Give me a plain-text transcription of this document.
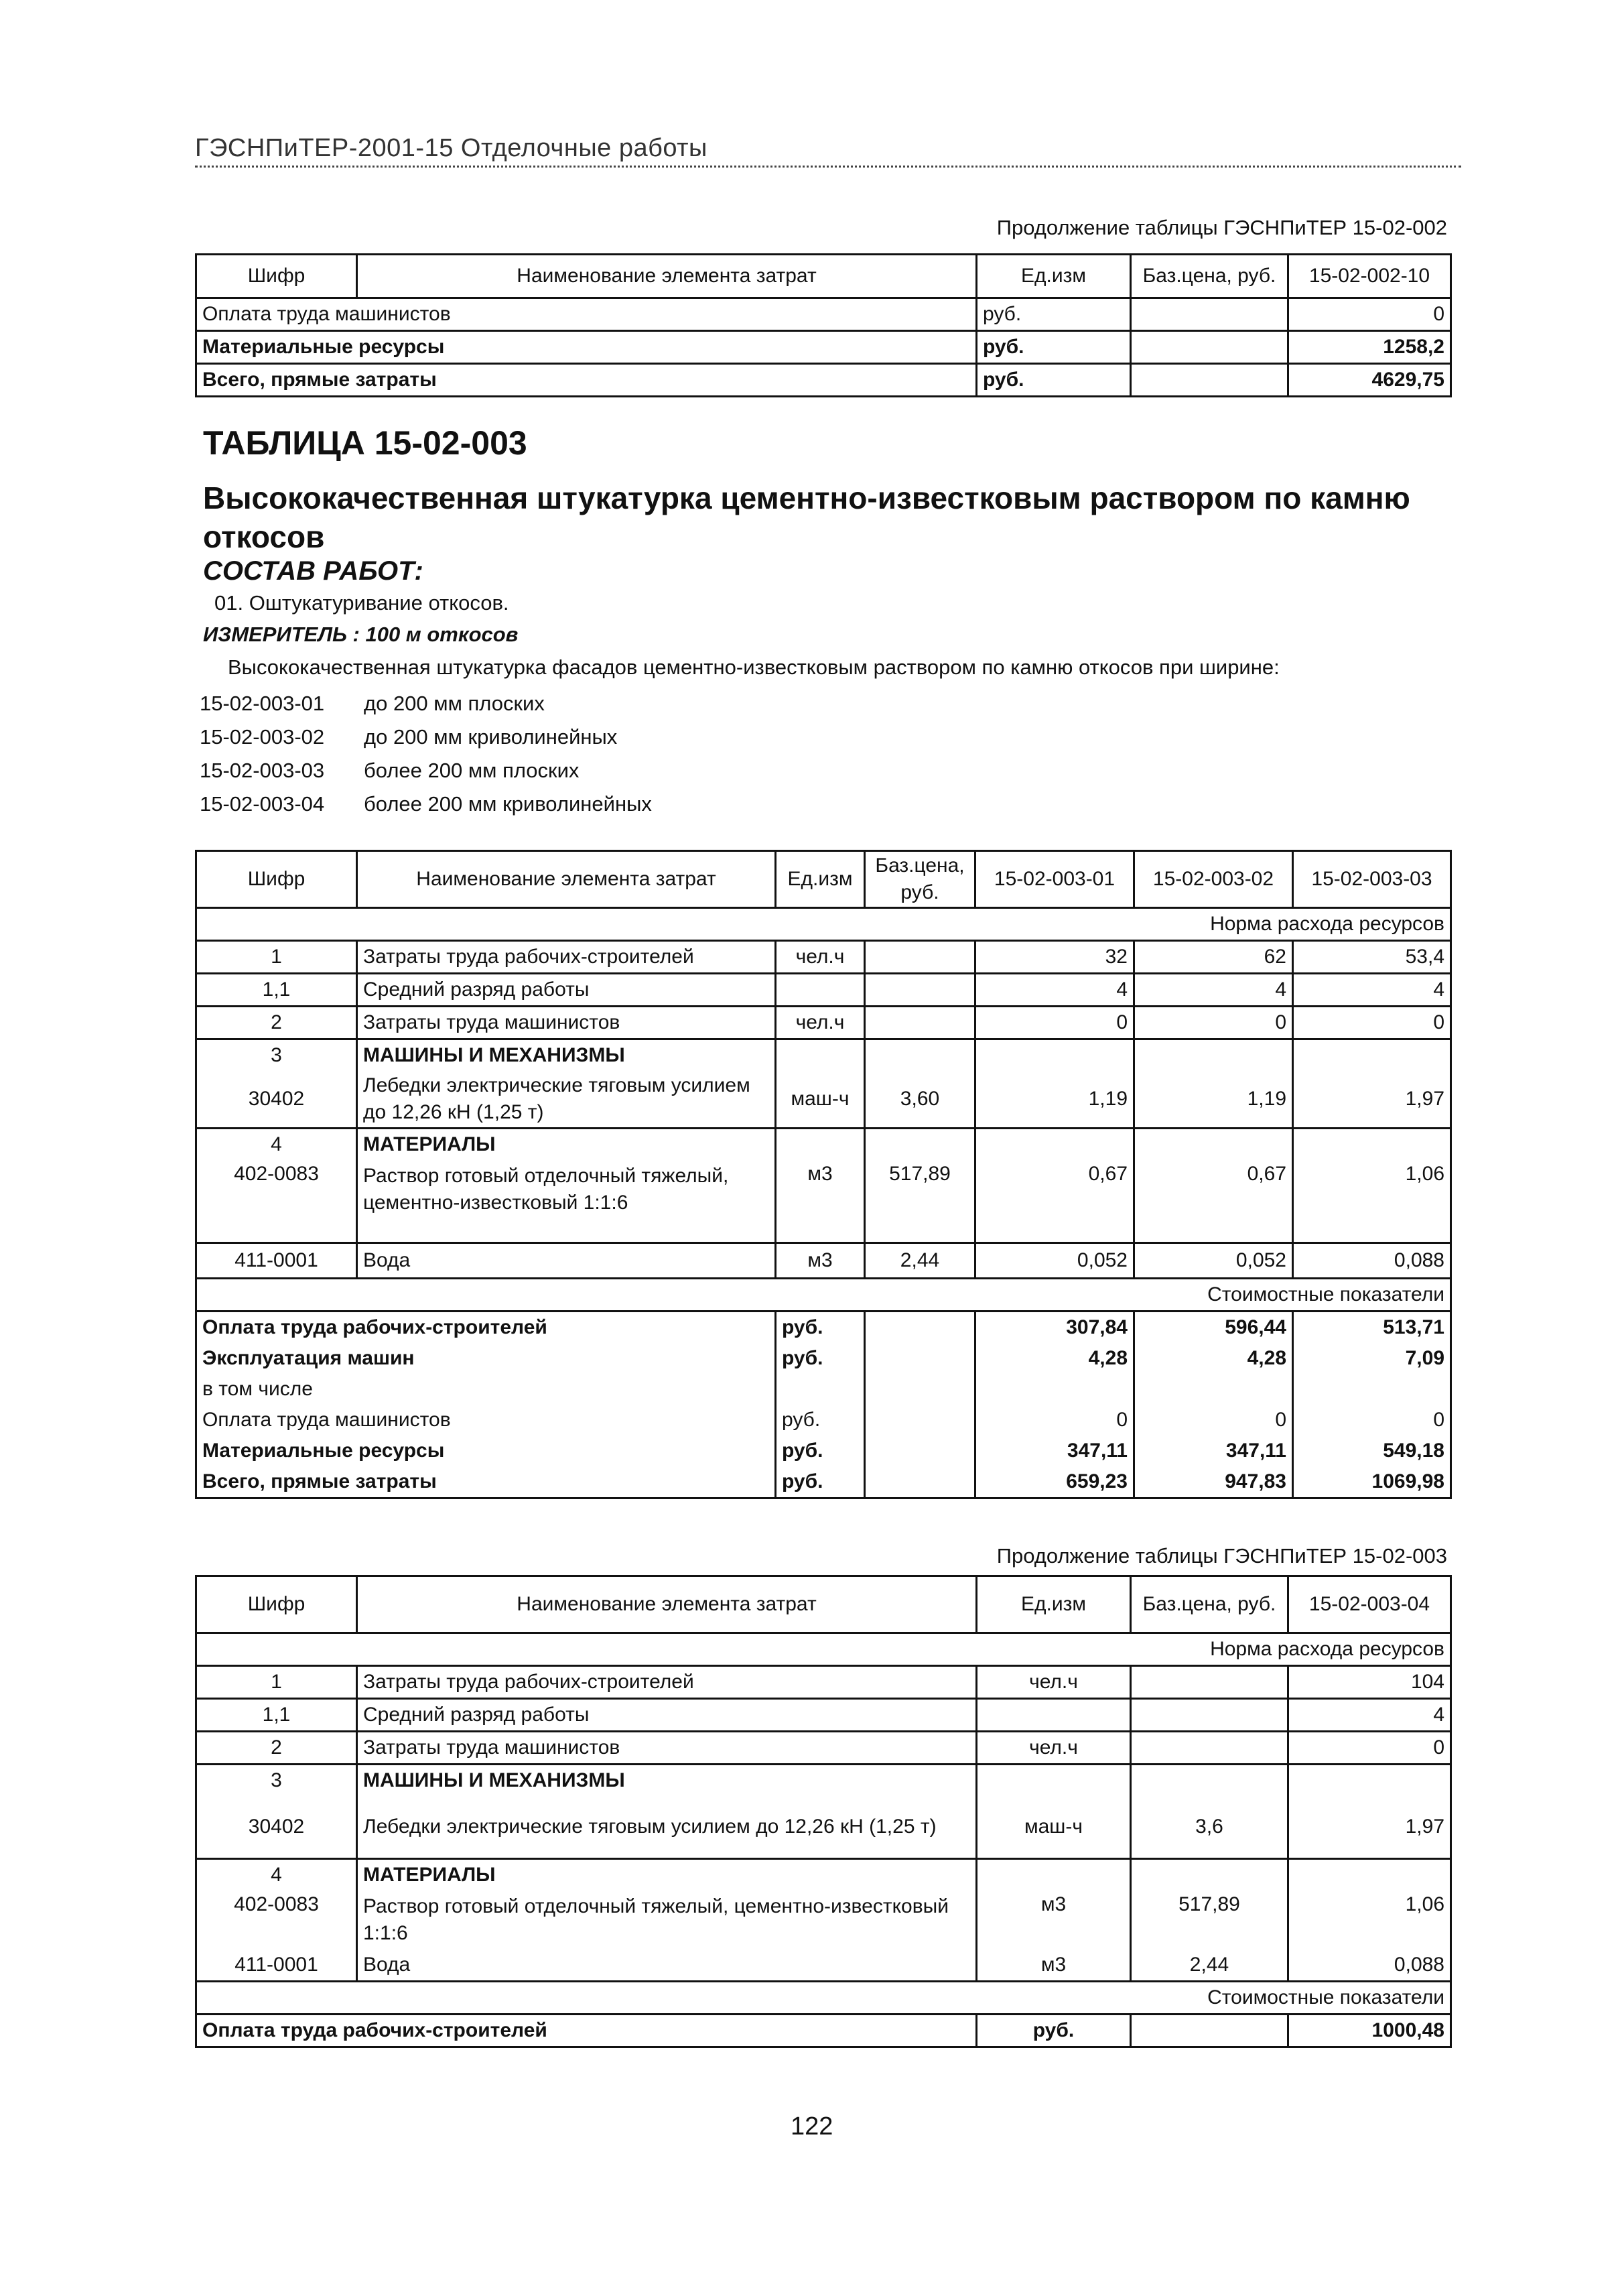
ГЭСНПиТЕР-2001-15 Отделочные работы
Продолжение таблицы ГЭСНПиТЕР 15-02-002
Шифр	Наименование элемента затрат	Ед.изм	Баз.цена, руб.	15-02-002-10
Оплата труда машинистов		руб.		0
Материальные ресурсы		руб.		1258,2
Всего, прямые затраты		руб.		4629,75
ТАБЛИЦА 15-02-003
Высококачественная штукатурка цементно-известковым раствором по камню откосов
СОСТАВ РАБОТ:
01. Оштукатуривание откосов.
ИЗМЕРИТЕЛЬ : 100 м откосов
Высококачественная штукатурка фасадов цементно-известковым раствором по камню откосов при ширине:
15-02-003-01 до 200 мм плоских
15-02-003-02 до 200 мм криволинейных
15-02-003-03 более 200 мм плоских
15-02-003-04 более 200 мм криволинейных
Шифр	Наименование элемента затрат	Ед.изм	Баз.цена, руб.	15-02-003-01	15-02-003-02	15-02-003-03
Норма расхода ресурсов						
1	Затраты труда рабочих-строителей	чел.ч		32	62	53,4
1,1	Средний разряд работы			4	4	4
2	Затраты труда машинистов	чел.ч		0	0	0
3	МАШИНЫ И МЕХАНИЗМЫ					
30402	Лебедки электрические тяговым усилием до 12,26 кН (1,25 т)	маш-ч	3,60	1,19	1,19	1,97
4	МАТЕРИАЛЫ					
402-0083	Раствор готовый отделочный тяжелый, цементно-известковый 1:1:6	м3	517,89	0,67	0,67	1,06
411-0001	Вода	м3	2,44	0,052	0,052	0,088
Стоимостные показатели						
Оплата труда рабочих-строителей		руб.		307,84	596,44	513,71
Эксплуатация машин		руб.		4,28	4,28	7,09
в том числе						
Оплата труда машинистов		руб.		0	0	0
Материальные ресурсы		руб.		347,11	347,11	549,18
Всего, прямые затраты		руб.		659,23	947,83	1069,98
Продолжение таблицы ГЭСНПиТЕР 15-02-003
Шифр	Наименование элемента затрат	Ед.изм	Баз.цена, руб.	15-02-003-04
Норма расхода ресурсов				
1	Затраты труда рабочих-строителей	чел.ч		104
1,1	Средний разряд работы			4
2	Затраты труда машинистов	чел.ч		0
3	МАШИНЫ И МЕХАНИЗМЫ			
30402	Лебедки электрические тяговым усилием до 12,26 кН (1,25 т)	маш-ч	3,6	1,97
4	МАТЕРИАЛЫ			
402-0083	Раствор готовый отделочный тяжелый, цементно-известковый 1:1:6	м3	517,89	1,06
411-0001	Вода	м3	2,44	0,088
Стоимостные показатели				
Оплата труда рабочих-строителей		руб.		1000,48
122
